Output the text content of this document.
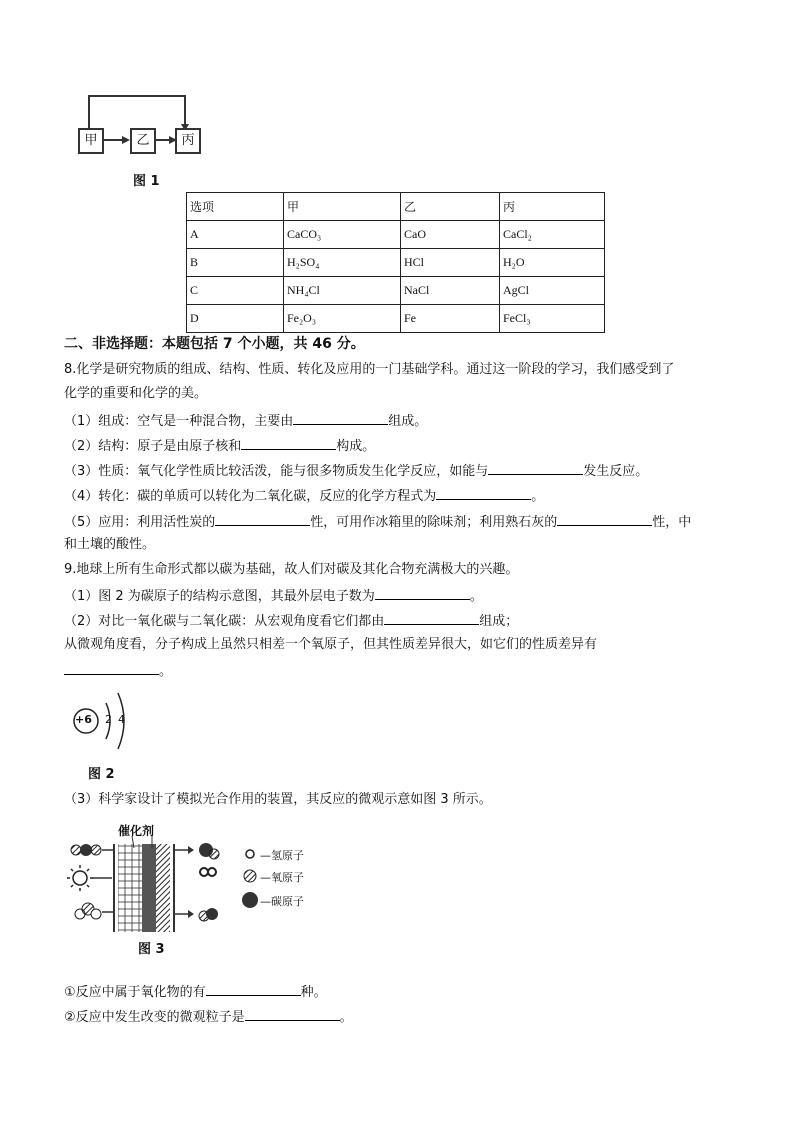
甲	乙	丙
图 1
选项	甲	乙	丙
A	CaCO₃	CaO	CaCl₂
B	H₂SO₄	HCl	H₂O
C	NH₄Cl	NaCl	AgCl
D	Fe₂O₃	Fe	FeCl₃
二、非选择题：本题包括 7 个小题，共 46 分。
8.化学是研究物质的组成、结构、性质、转化及应用的一门基础学科。通过这一阶段的学习，我们感受到了
化学的重要和化学的美。
（1）组成：空气是一种混合物，主要由	组成。
（2）结构：原子是由原子核和	构成。
（3）性质：氧气化学性质比较活泼，能与很多物质发生化学反应，如能与	发生反应。
（4）转化：碳的单质可以转化为二氧化碳，反应的化学方程式为	。
（5）应用：利用活性炭的	性，可用作冰箱里的除味剂；利用熟石灰的	性，中
和土壤的酸性。
9.地球上所有生命形式都以碳为基础，故人们对碳及其化合物充满极大的兴趣。
（1）图 2 为碳原子的结构示意图，其最外层电子数为	。
（2）对比一氧化碳与二氧化碳：从宏观角度看它们都由	组成；
从微观角度看，分子构成上虽然只相差一个氧原子，但其性质差异很大，如它们的性质差异有
。
+6 2 4
图 2
（3）科学家设计了模拟光合作用的装置，其反应的微观示意如图 3 所示。
催化剂
—氢原子
—氧原子
—碳原子
图 3
①反应中属于氧化物的有	种。
②反应中发生改变的微观粒子是	。
